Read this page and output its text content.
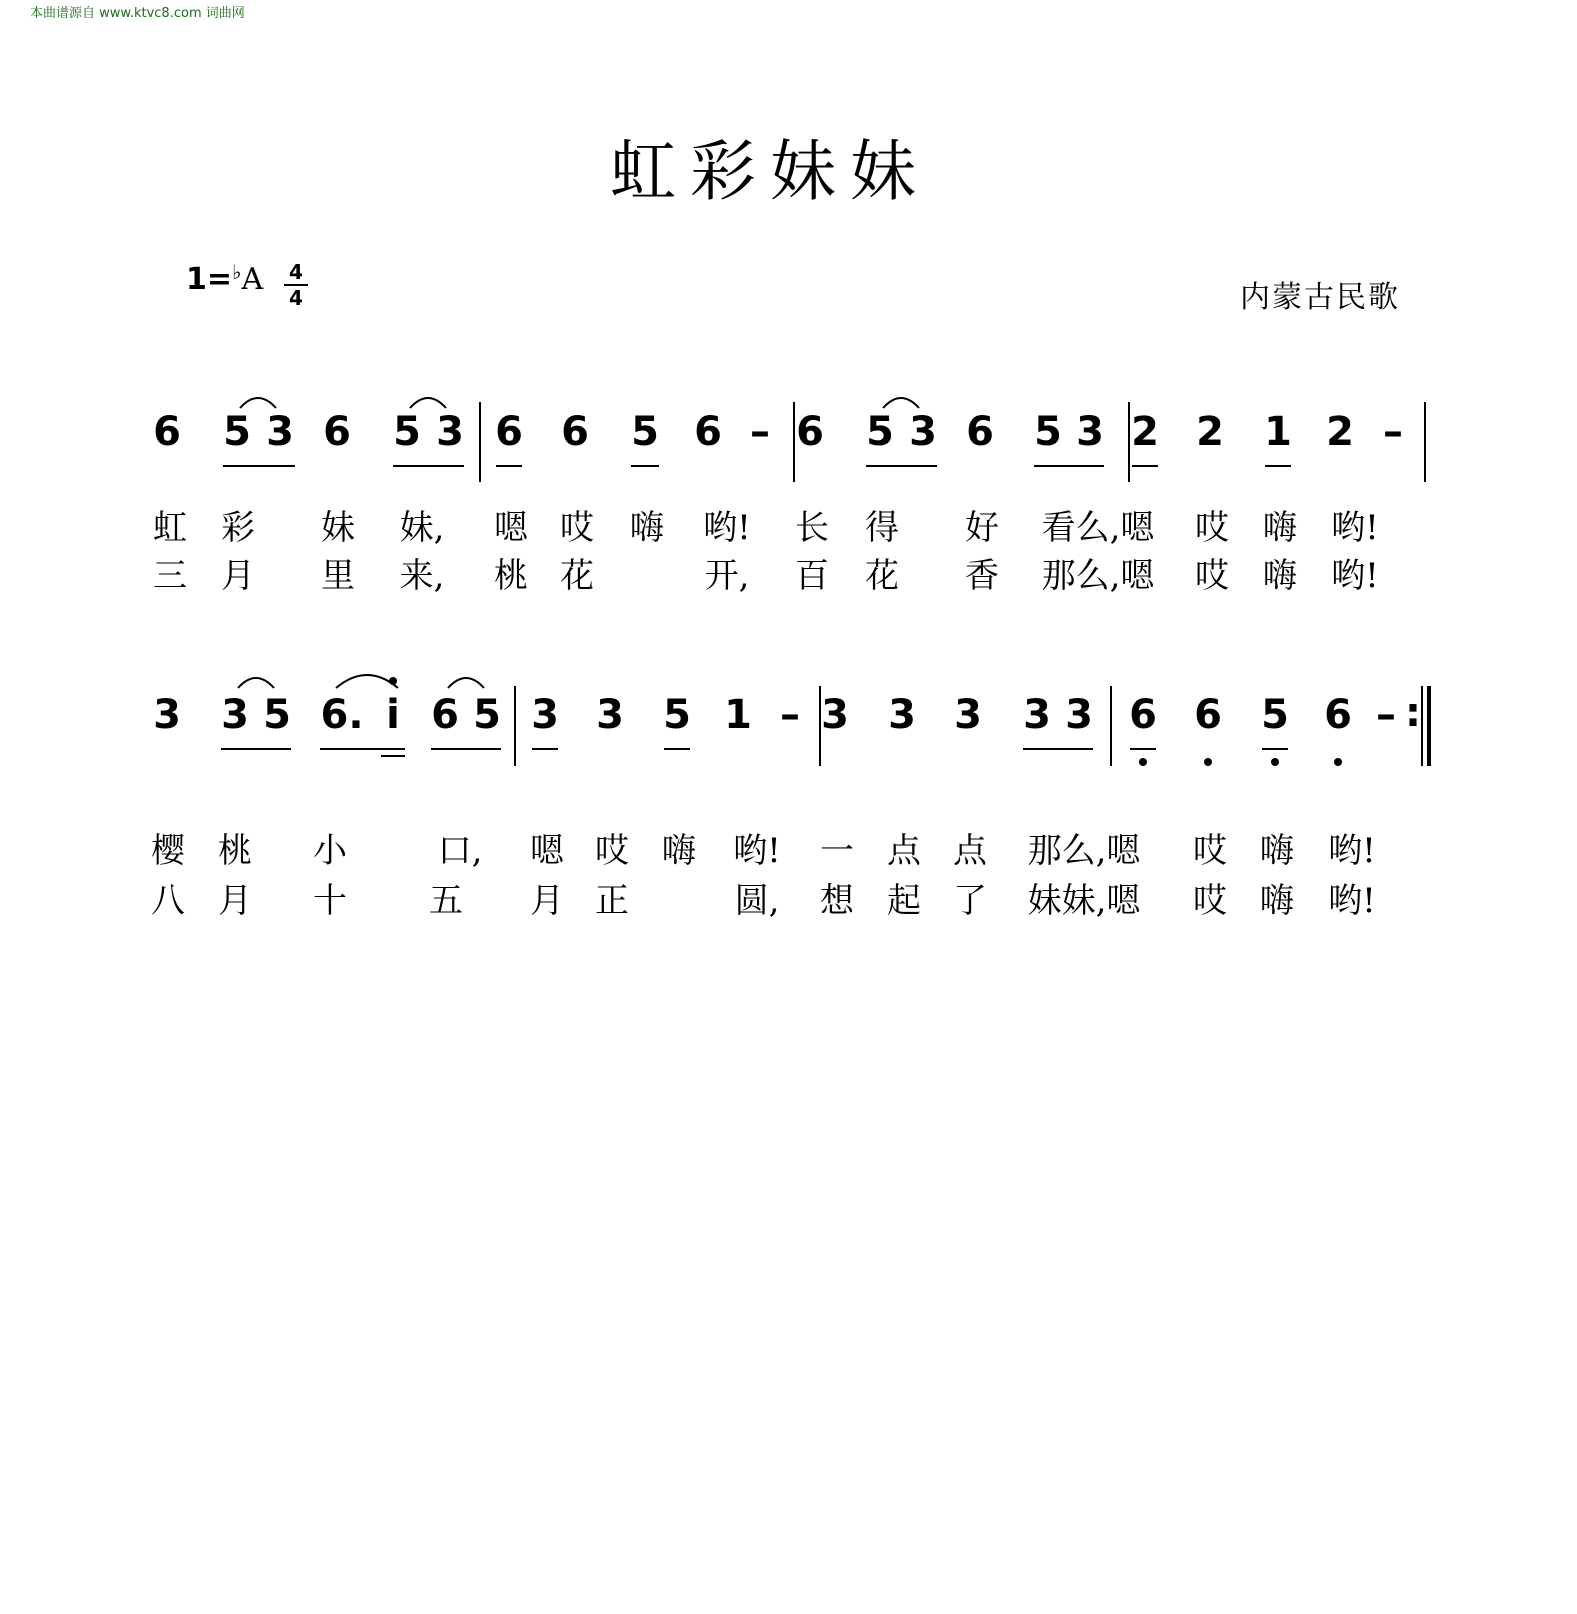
本曲谱源自 www.ktvc8.com 词曲网
虹彩妹妹
1=♭A 4
4	内蒙古民歌
6 5 3 6 5 3 6 6 5 6 – 6 5 3 6 5 3 2 2 1 2 –
3 3 5 6. i 6 5 3 3 5 1 – 3 3 3 3 3 6 6 5 6 – :
虹 彩 妹 妹, 嗯 哎 嗨 哟! 长 得 好 看么,嗯 哎 嗨 哟!
三 月 里 来, 桃 花	开, 百 花 香 那么,嗯 哎 嗨 哟!
樱 桃 小	口, 嗯 哎 嗨 哟! 一 点 点 那么,嗯 哎 嗨 哟!
八 月 十 五 月 正	圆, 想 起 了 妹妹,嗯 哎 嗨 哟!
